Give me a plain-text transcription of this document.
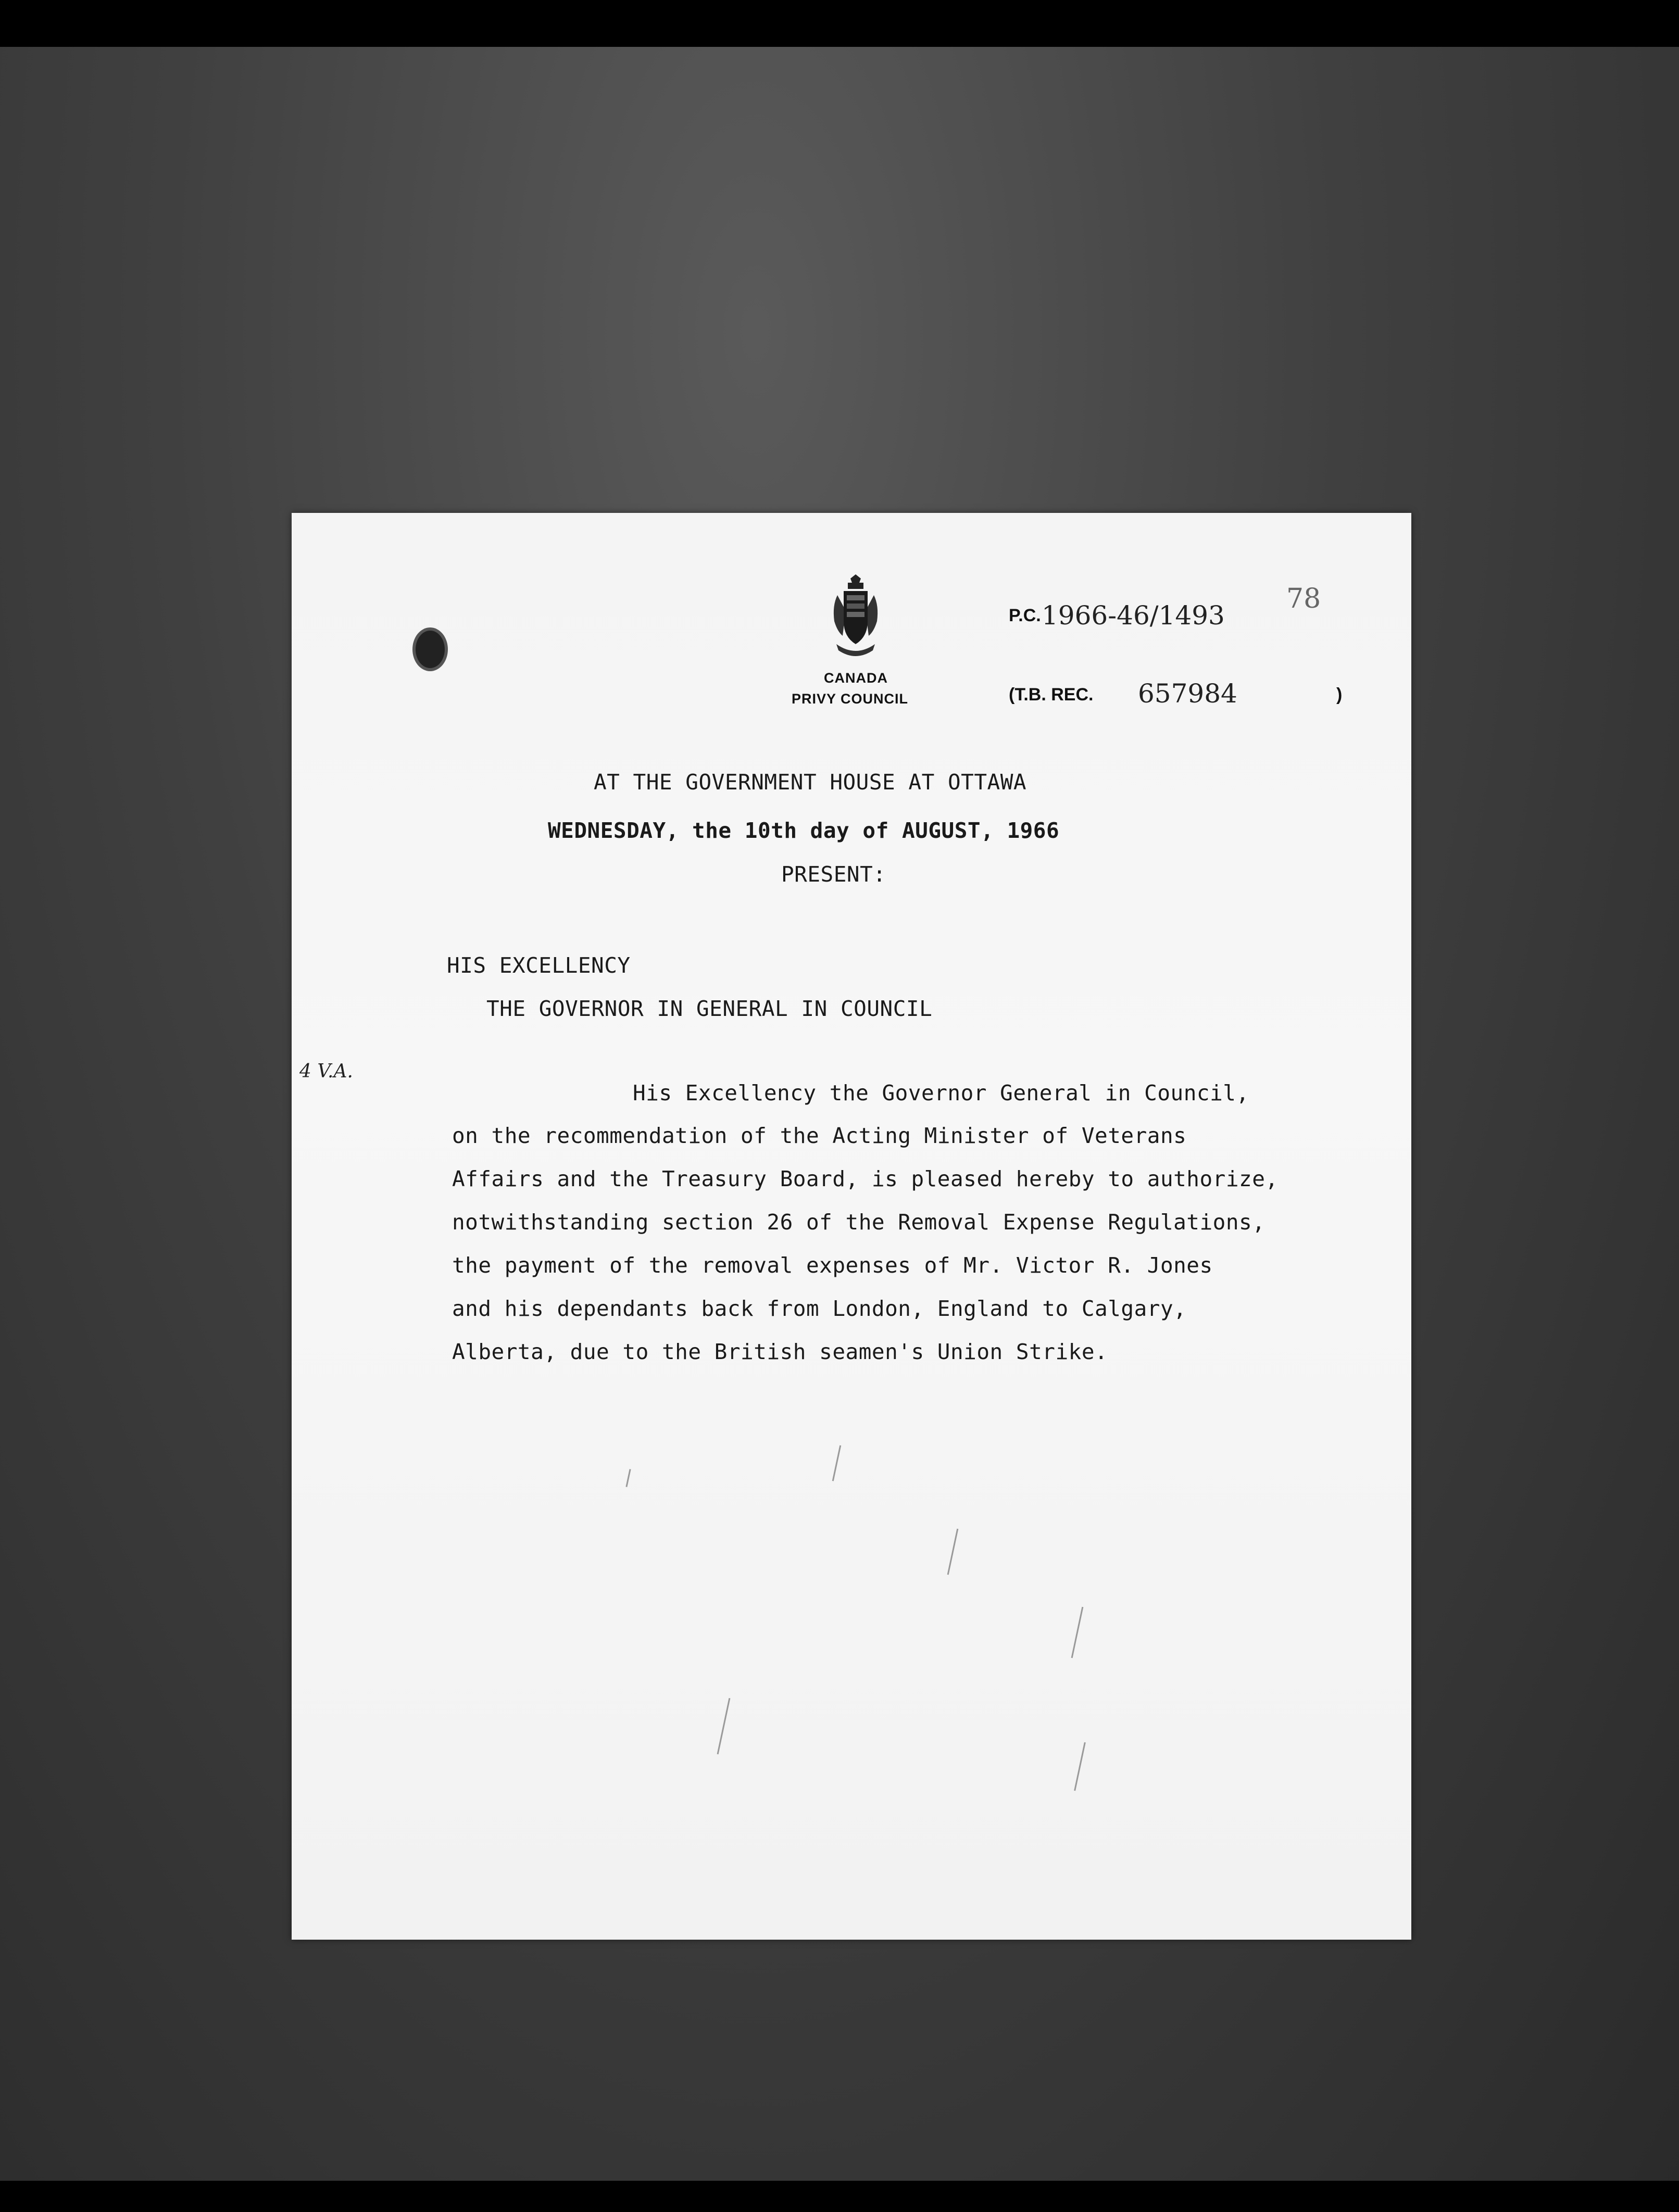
CANADA
PRIVY COUNCIL
P.C. 1966-46/1493
78
(T.B. REC. 657984	)
AT THE GOVERNMENT HOUSE AT OTTAWA
WEDNESDAY, the 10th day of AUGUST, 1966
PRESENT:
HIS EXCELLENCY
THE GOVERNOR IN GENERAL IN COUNCIL
4 V.A.
His Excellency the Governor General in Council,
on the recommendation of the Acting Minister of Veterans
Affairs and the Treasury Board, is pleased hereby to authorize,
notwithstanding section 26 of the Removal Expense Regulations,
the payment of the removal expenses of Mr. Victor R. Jones
and his dependants back from London, England to Calgary,
Alberta, due to the British seamen's Union Strike.
